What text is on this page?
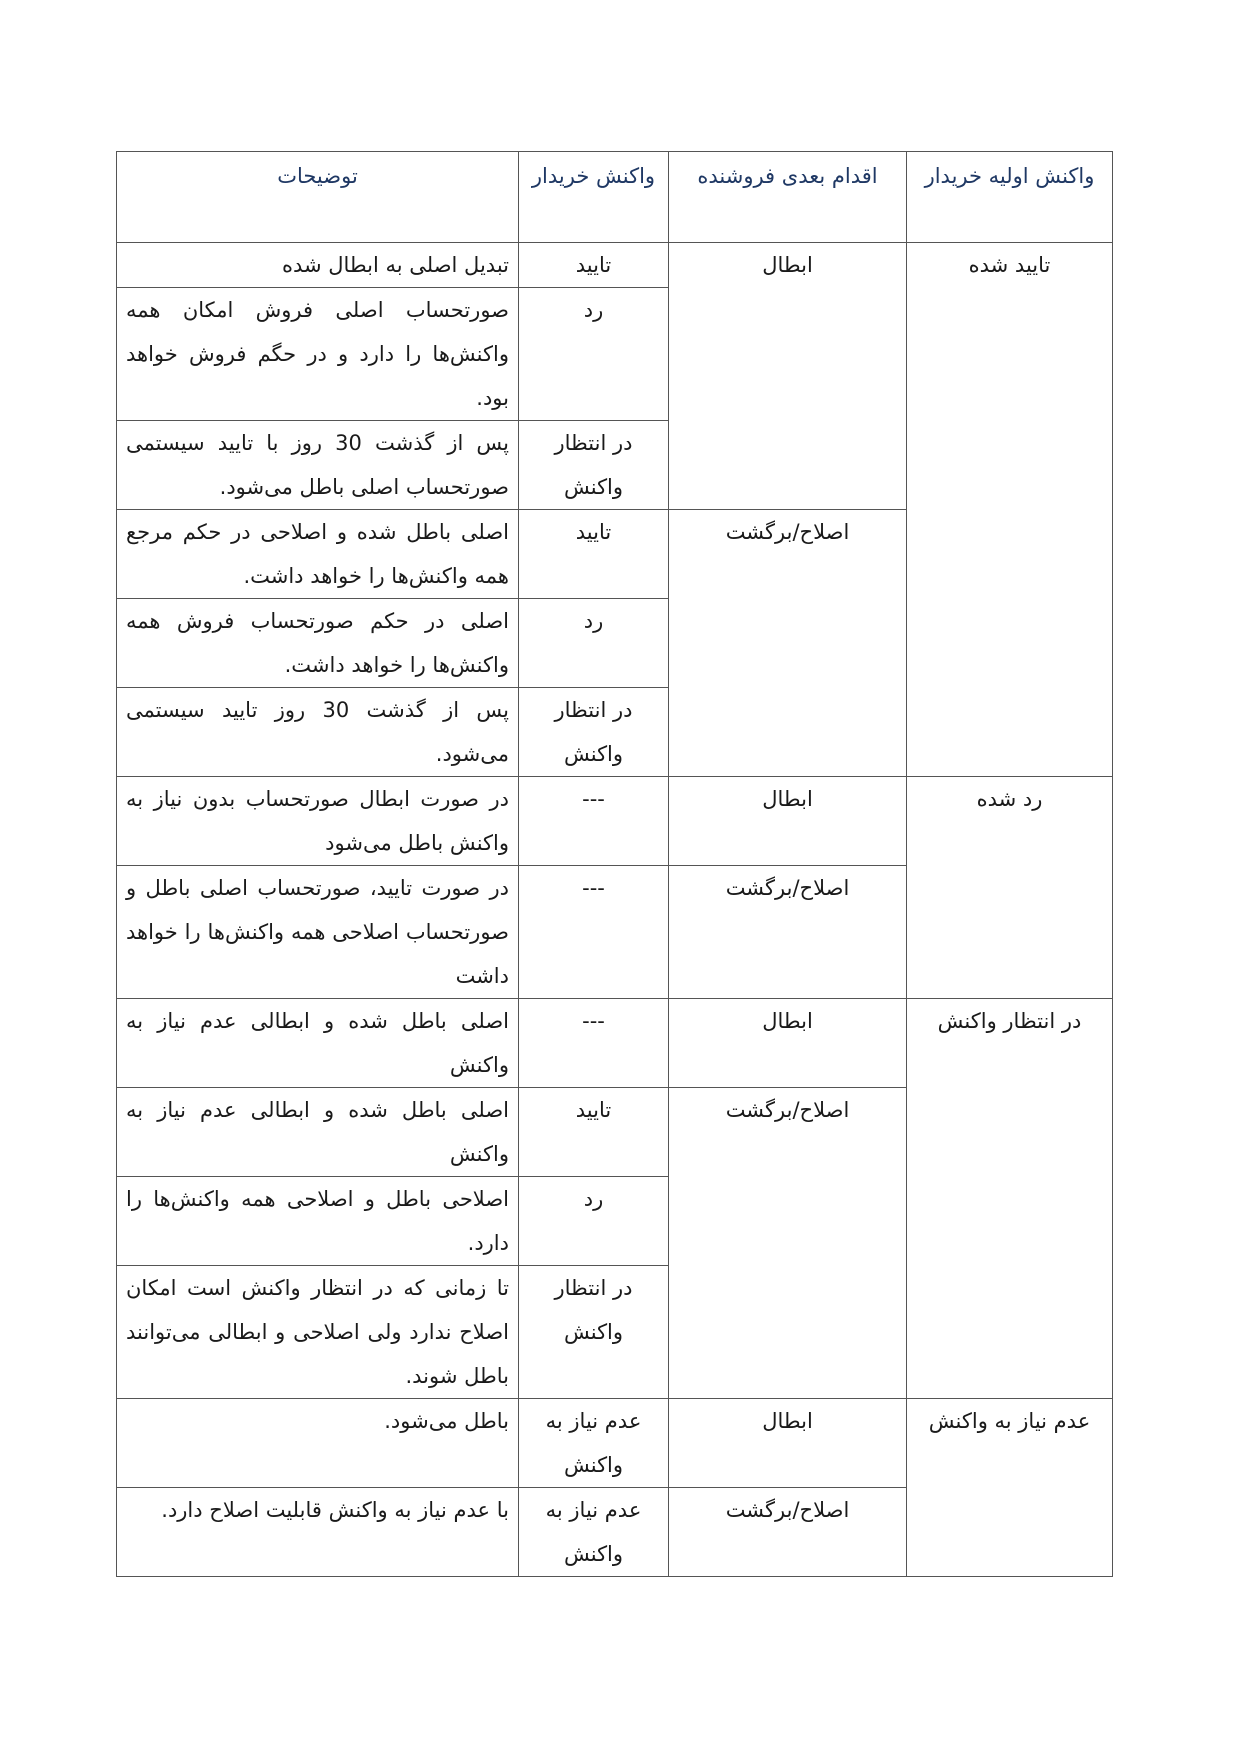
واکنش اولیه خریدار	اقدام بعدی فروشنده	واکنش خریدار	توضیحات
تایید شده	ابطال	تایید	تبدیل اصلی به ابطال شده
		رد	صورتحساب اصلی فروش امکان همه واکنش‌ها را دارد و در حگم فروش خواهد بود.
		در انتظار واکنش	پس از گذشت 30 روز با تایید سیستمی صورتحساب اصلی باطل می‌شود.
	اصلاح/برگشت	تایید	اصلی باطل شده و اصلاحی در حکم مرجع همه واکنش‌ها را خواهد داشت.
		رد	اصلی در حکم صورتحساب فروش همه واکنش‌ها را خواهد داشت.
		در انتظار واکنش	پس از گذشت 30 روز تایید سیستمی می‌شود.
رد شده	ابطال	---	در صورت ابطال صورتحساب بدون نیاز به واکنش باطل می‌شود
	اصلاح/برگشت	---	در صورت تایید، صورتحساب اصلی باطل و صورتحساب اصلاحی همه واکنش‌ها را خواهد داشت
در انتظار واکنش	ابطال	---	اصلی باطل شده و ابطالی عدم نیاز به واکنش
	اصلاح/برگشت	تایید	اصلی باطل شده و ابطالی عدم نیاز به واکنش
		رد	اصلاحی باطل و اصلاحی همه واکنش‌ها را دارد.
		در انتظار واکنش	تا زمانی که در انتظار واکنش است امکان اصلاح ندارد ولی اصلاحی و ابطالی می‌توانند باطل شوند.
عدم نیاز به واکنش	ابطال	عدم نیاز به واکنش	باطل می‌شود.
	اصلاح/برگشت	عدم نیاز به واکنش	با عدم نیاز به واکنش قابلیت اصلاح دارد.
